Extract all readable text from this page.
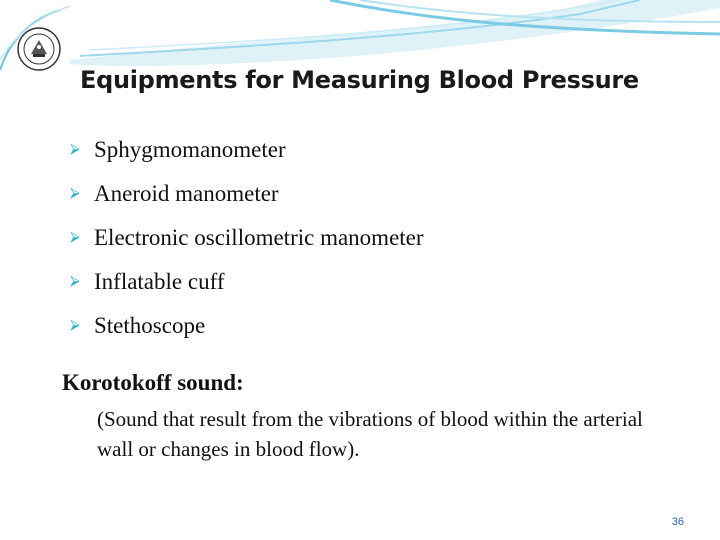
Equipments for Measuring Blood Pressure
⮚ Sphygmomanometer
⮚ Aneroid manometer
⮚ Electronic oscillometric manometer
⮚ Inflatable cuff
⮚ Stethoscope
Korotokoff sound:
(Sound that result from the vibrations of blood within the arterial wall or changes in blood flow).
36
